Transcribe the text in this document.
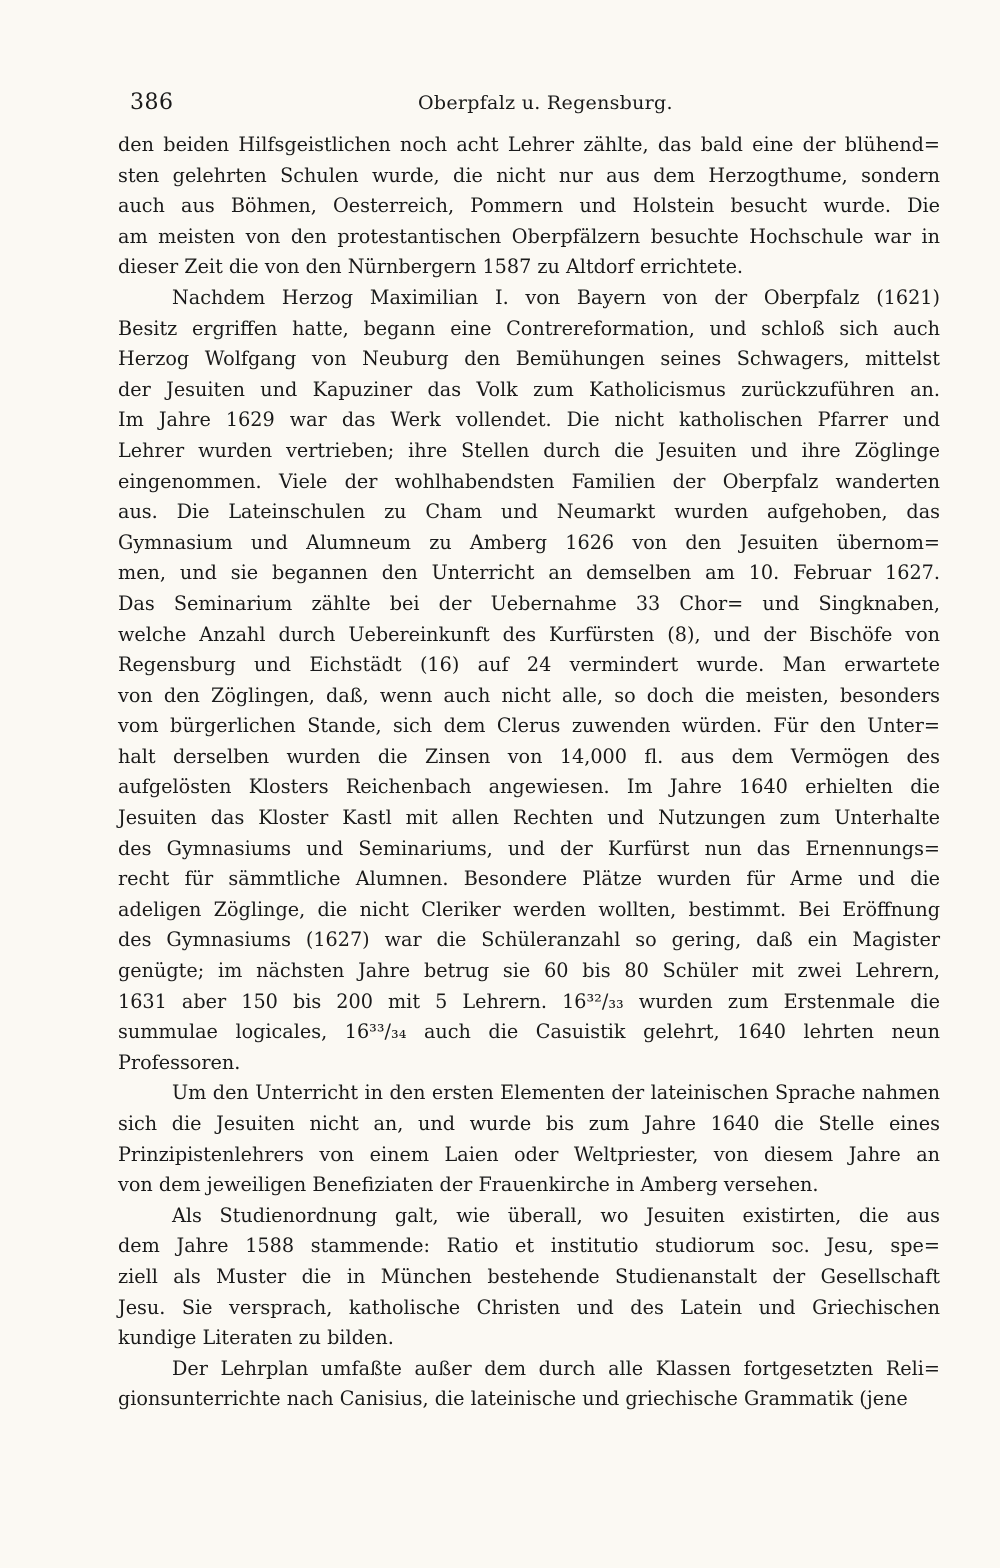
386	Oberpfalz u. Regensburg.
den beiden Hilfsgeistlichen noch acht Lehrer zählte, das bald eine der blühend=
sten gelehrten Schulen wurde, die nicht nur aus dem Herzogthume, sondern
auch aus Böhmen, Oesterreich, Pommern und Holstein besucht wurde. Die
am meisten von den protestantischen Oberpfälzern besuchte Hochschule war in
dieser Zeit die von den Nürnbergern 1587 zu Altdorf errichtete.
Nachdem Herzog Maximilian I. von Bayern von der Oberpfalz (1621)
Besitz ergriffen hatte, begann eine Contrereformation, und schloß sich auch
Herzog Wolfgang von Neuburg den Bemühungen seines Schwagers, mittelst
der Jesuiten und Kapuziner das Volk zum Katholicismus zurückzuführen an.
Im Jahre 1629 war das Werk vollendet. Die nicht katholischen Pfarrer und
Lehrer wurden vertrieben; ihre Stellen durch die Jesuiten und ihre Zöglinge
eingenommen. Viele der wohlhabendsten Familien der Oberpfalz wanderten
aus. Die Lateinschulen zu Cham und Neumarkt wurden aufgehoben, das
Gymnasium und Alumneum zu Amberg 1626 von den Jesuiten übernom=
men, und sie begannen den Unterricht an demselben am 10. Februar 1627.
Das Seminarium zählte bei der Uebernahme 33 Chor= und Singknaben,
welche Anzahl durch Uebereinkunft des Kurfürsten (8), und der Bischöfe von
Regensburg und Eichstädt (16) auf 24 vermindert wurde. Man erwartete
von den Zöglingen, daß, wenn auch nicht alle, so doch die meisten, besonders
vom bürgerlichen Stande, sich dem Clerus zuwenden würden. Für den Unter=
halt derselben wurden die Zinsen von 14,000 fl. aus dem Vermögen des
aufgelösten Klosters Reichenbach angewiesen. Im Jahre 1640 erhielten die
Jesuiten das Kloster Kastl mit allen Rechten und Nutzungen zum Unterhalte
des Gymnasiums und Seminariums, und der Kurfürst nun das Ernennungs=
recht für sämmtliche Alumnen. Besondere Plätze wurden für Arme und die
adeligen Zöglinge, die nicht Cleriker werden wollten, bestimmt. Bei Eröffnung
des Gymnasiums (1627) war die Schüleranzahl so gering, daß ein Magister
genügte; im nächsten Jahre betrug sie 60 bis 80 Schüler mit zwei Lehrern,
1631 aber 150 bis 200 mit 5 Lehrern. 16³²/₃₃ wurden zum Erstenmale die
summulae logicales, 16³³/₃₄ auch die Casuistik gelehrt, 1640 lehrten neun
Professoren.
Um den Unterricht in den ersten Elementen der lateinischen Sprache nahmen
sich die Jesuiten nicht an, und wurde bis zum Jahre 1640 die Stelle eines
Prinzipistenlehrers von einem Laien oder Weltpriester, von diesem Jahre an
von dem jeweiligen Benefiziaten der Frauenkirche in Amberg versehen.
Als Studienordnung galt, wie überall, wo Jesuiten existirten, die aus
dem Jahre 1588 stammende: Ratio et institutio studiorum soc. Jesu, spe=
ziell als Muster die in München bestehende Studienanstalt der Gesellschaft
Jesu. Sie versprach, katholische Christen und des Latein und Griechischen
kundige Literaten zu bilden.
Der Lehrplan umfaßte außer dem durch alle Klassen fortgesetzten Reli=
gionsunterrichte nach Canisius, die lateinische und griechische Grammatik (jene
